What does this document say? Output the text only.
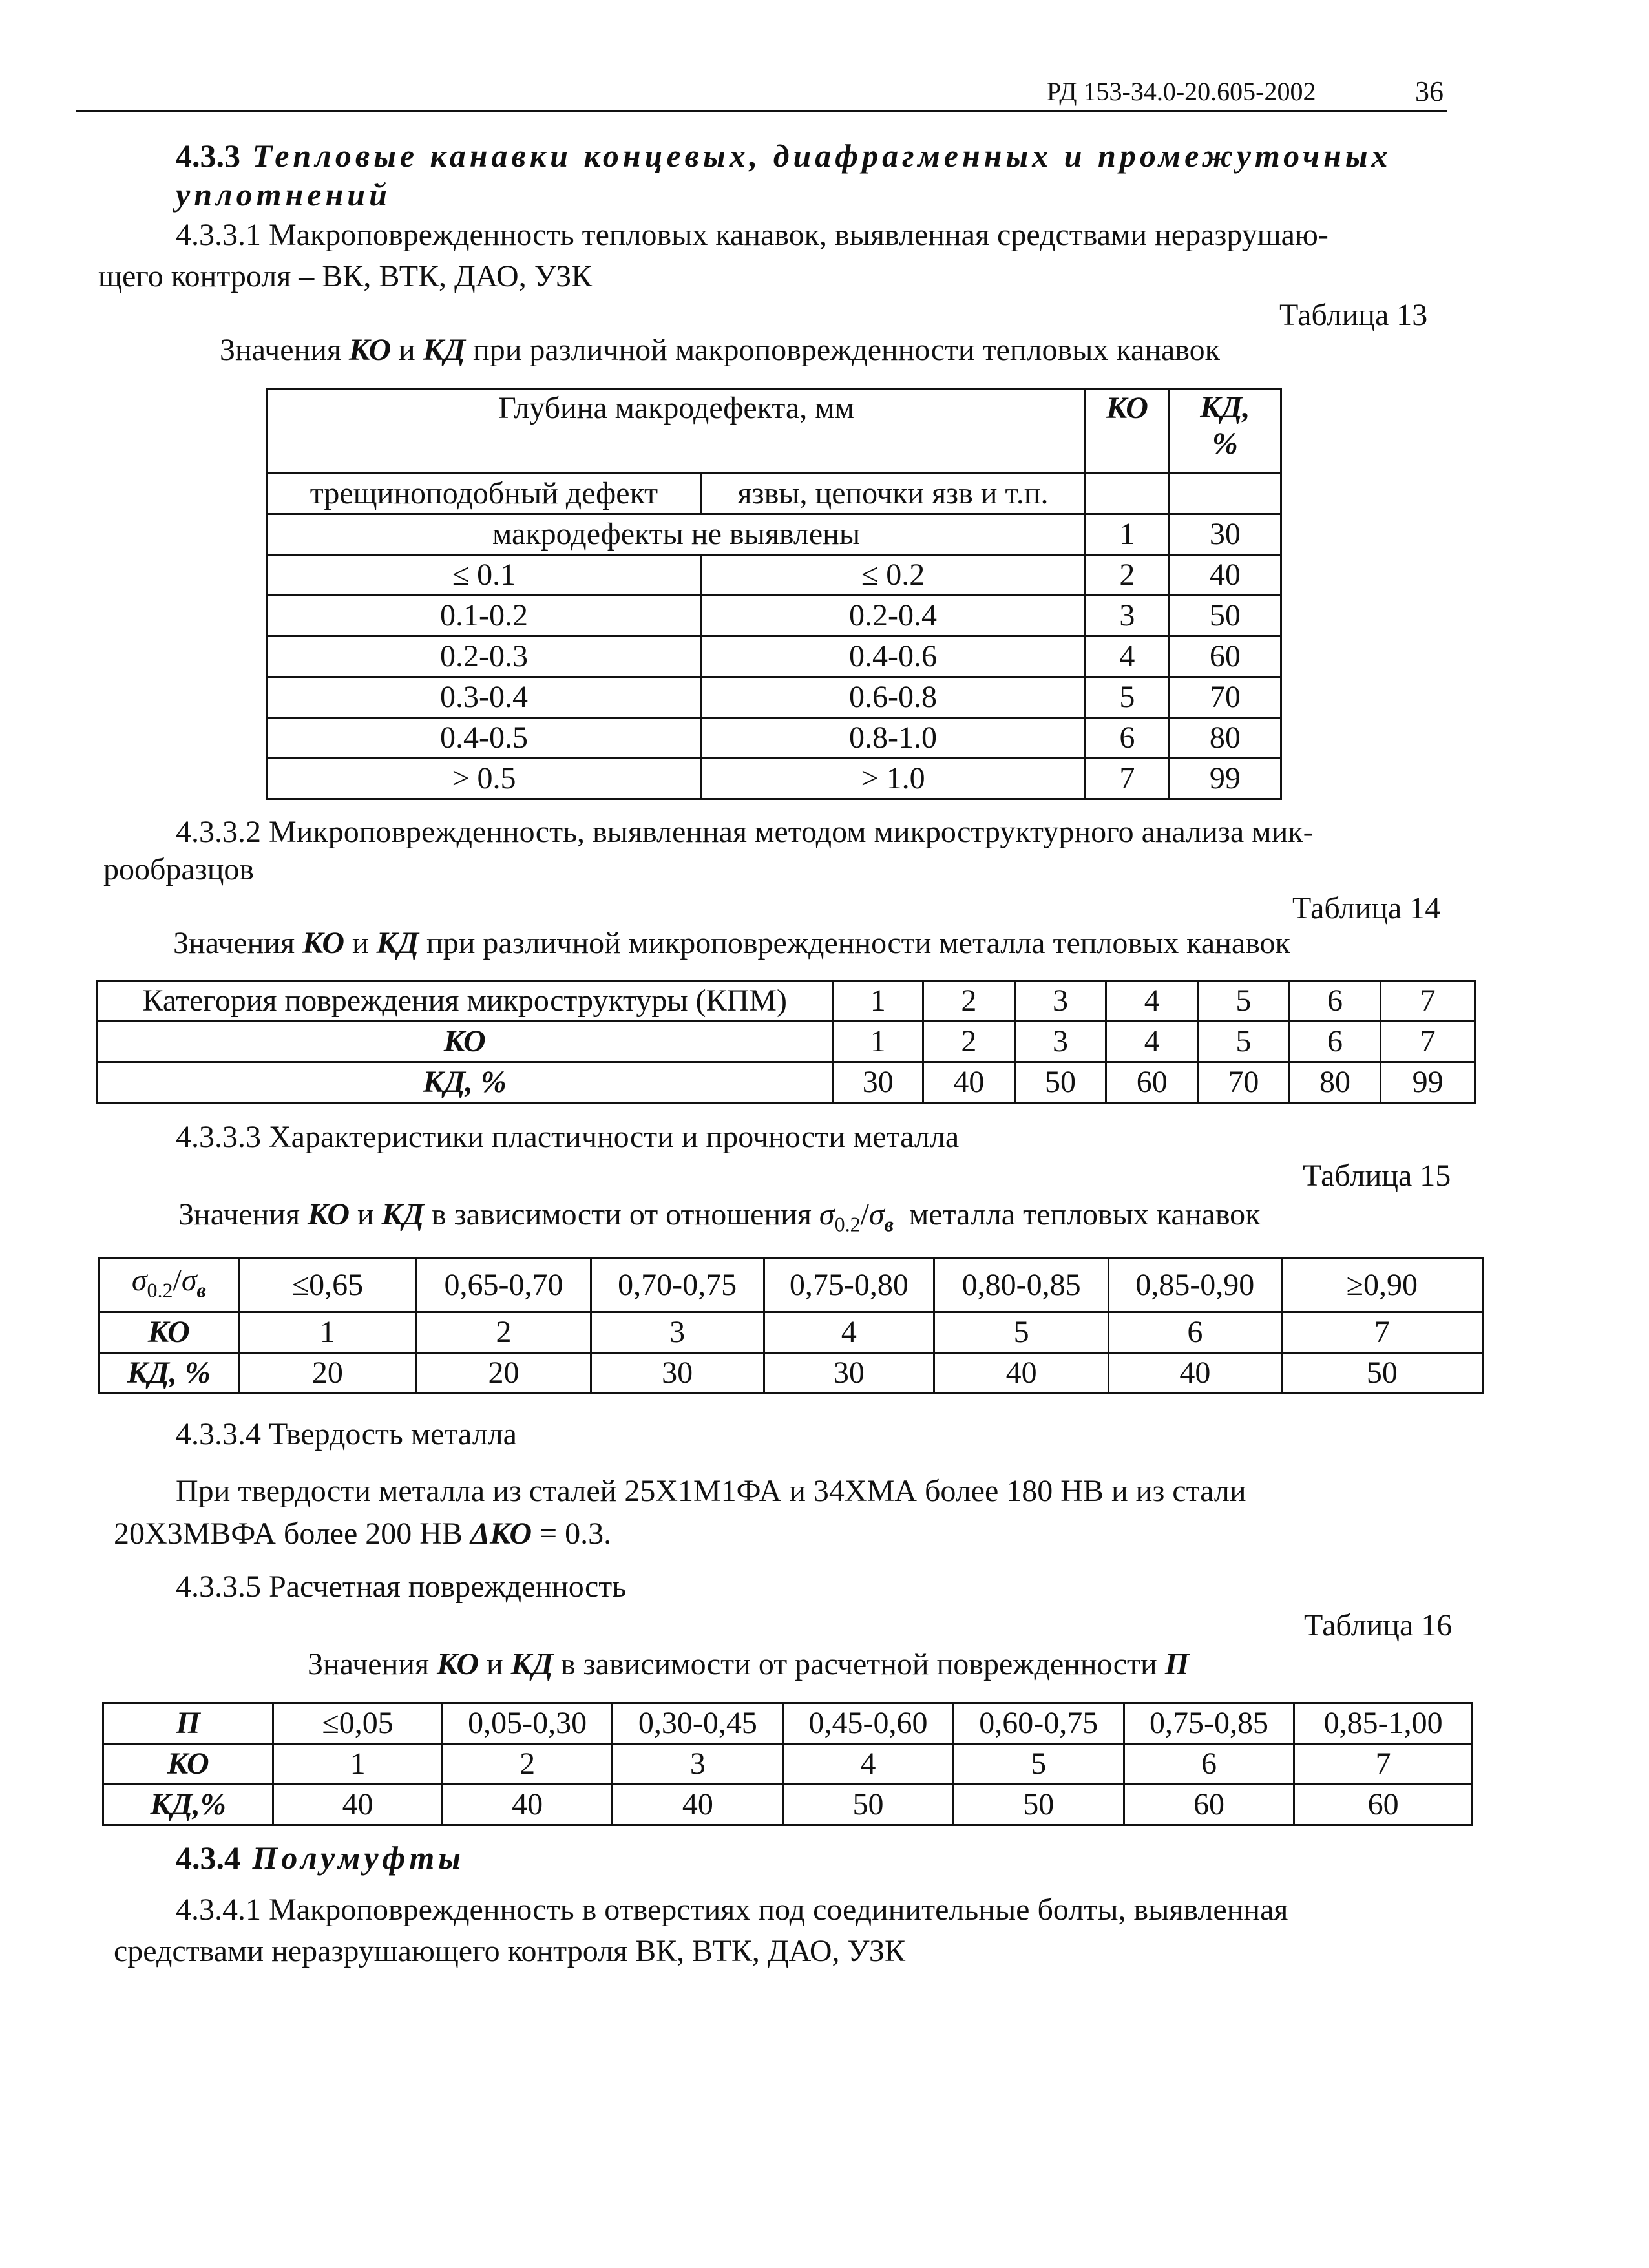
РД 153-34.0-20.605-2002	36
4.3.3 Тепловые канавки концевых, диафрагменных и промежуточных
уплотнений
4.3.3.1 Макроповрежденность тепловых канавок, выявленная средствами неразрушаю-
щего контроля – ВК, ВТК, ДАО, УЗК
Таблица 13
Значения КО и КД при различной макроповрежденности тепловых канавок
Глубина макродефекта, мм		КО	КД,
%
трещиноподобный дефект	язвы, цепочки язв и т.п.		
макродефекты не выявлены		1	30
≤ 0.1	≤ 0.2	2	40
0.1-0.2	0.2-0.4	3	50
0.2-0.3	0.4-0.6	4	60
0.3-0.4	0.6-0.8	5	70
0.4-0.5	0.8-1.0	6	80
> 0.5	> 1.0	7	99
4.3.3.2 Микроповрежденность, выявленная методом микроструктурного анализа мик-
рообразцов
Таблица 14
Значения КО и КД при различной микроповрежденности металла тепловых канавок
Категория повреждения микроструктуры (КПМ)	1	2	3	4	5	6	7
КО	1	2	3	4	5	6	7
КД, %	30	40	50	60	70	80	99
4.3.3.3 Характеристики пластичности и прочности металла
Таблица 15
Значения КО и КД в зависимости от отношения $\sigma_{0.2}/\sigma_в$  металла тепловых канавок
$\sigma_{0.2}/\sigma_в$	≤0,65	0,65-0,70	0,70-0,75	0,75-0,80	0,80-0,85	0,85-0,90	≥0,90
КО	1	2	3	4	5	6	7
КД, %	20	20	30	30	40	40	50
4.3.3.4 Твердость металла
При твердости металла из сталей 25Х1М1ФА и 34ХМА более 180 НВ и из стали
20Х3МВФА более 200 НВ ΔКО = 0.3.
4.3.3.5 Расчетная поврежденность
Таблица 16
Значения КО и КД в зависимости от расчетной поврежденности П
П	≤0,05	0,05-0,30	0,30-0,45	0,45-0,60	0,60-0,75	0,75-0,85	0,85-1,00
КО	1	2	3	4	5	6	7
КД,%	40	40	40	50	50	60	60
4.3.4 Полумуфты
4.3.4.1 Макроповрежденность в отверстиях под соединительные болты, выявленная
средствами неразрушающего контроля ВК, ВТК, ДАО, УЗК
